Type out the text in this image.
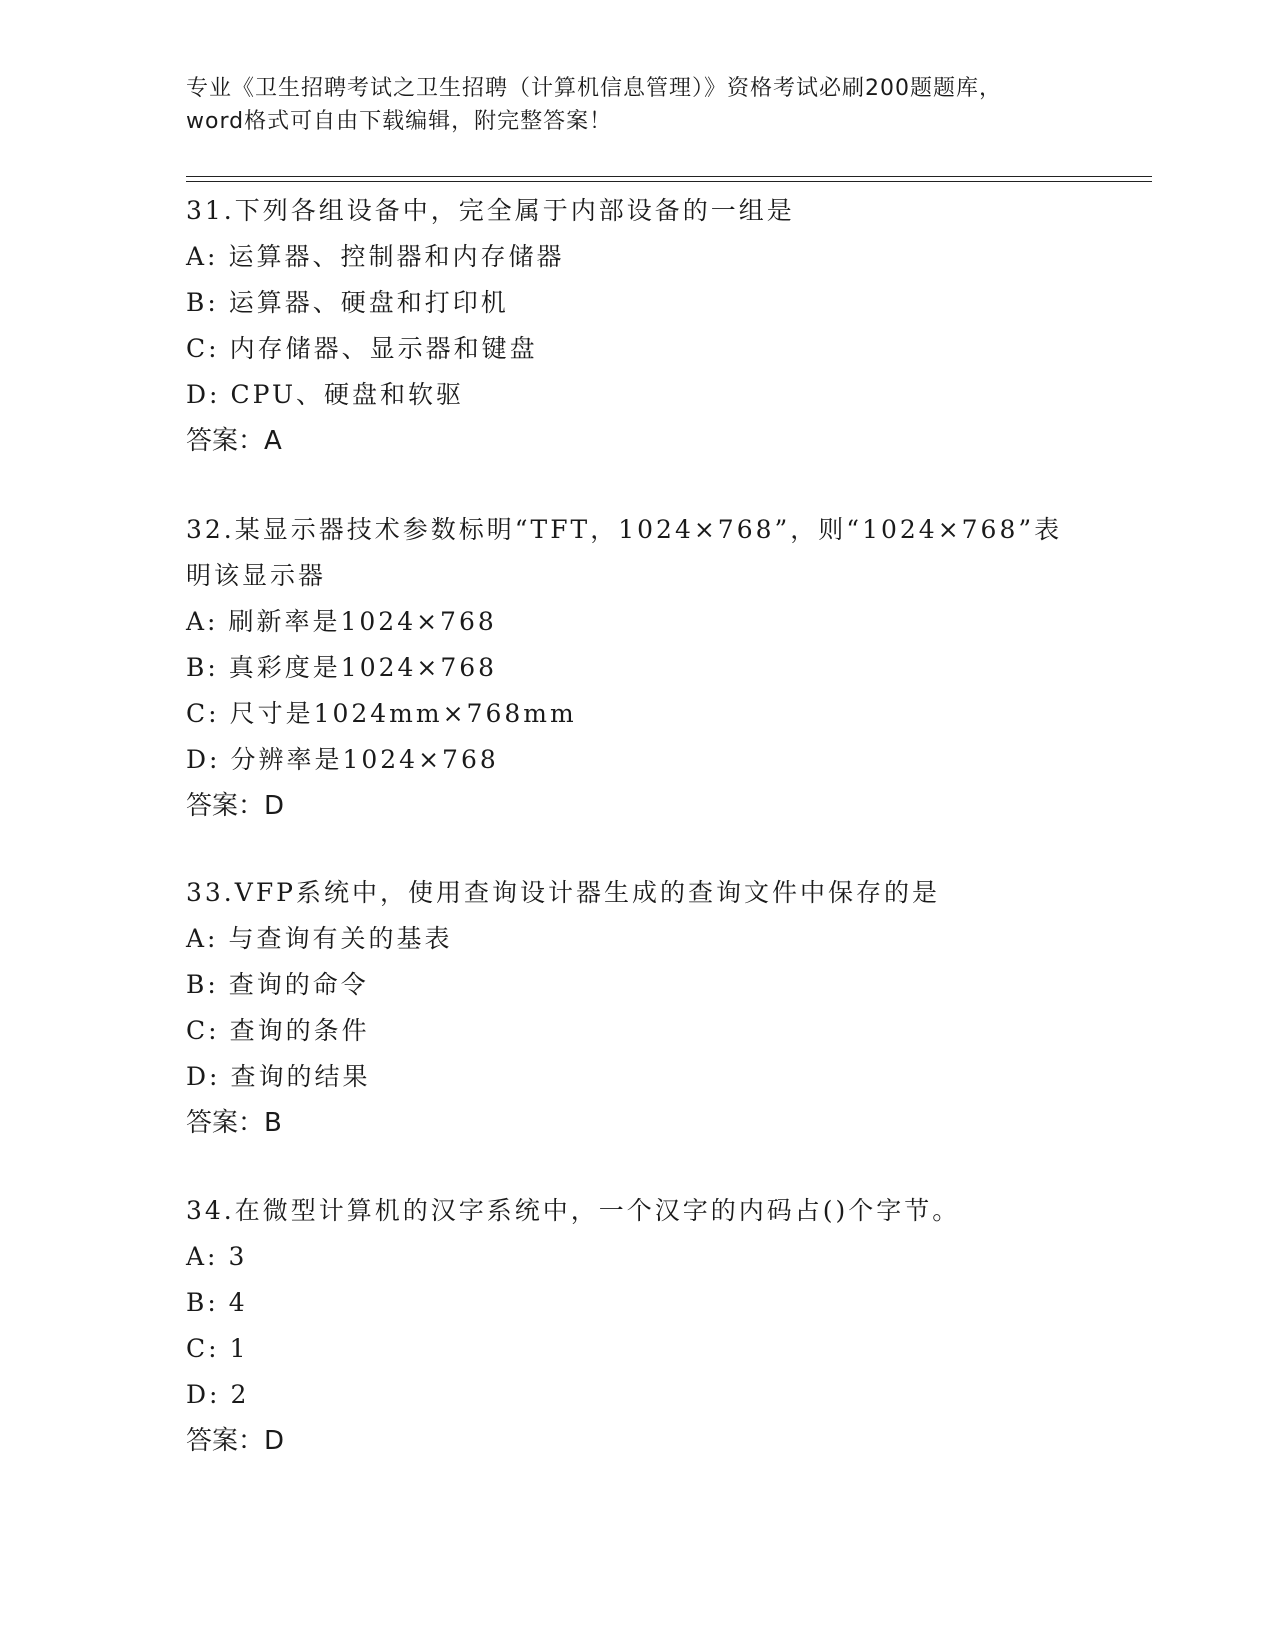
专业《卫生招聘考试之卫生招聘（计算机信息管理）》资格考试必刷200题题库，
word格式可自由下载编辑，附完整答案！
31.下列各组设备中，完全属于内部设备的一组是
A: 运算器、控制器和内存储器
B: 运算器、硬盘和打印机
C: 内存储器、显示器和键盘
D: CPU、硬盘和软驱
答案：A
32.某显示器技术参数标明“TFT，1024×768”，则“1024×768”表
明该显示器
A: 刷新率是1024×768
B: 真彩度是1024×768
C: 尺寸是1024mm×768mm
D: 分辨率是1024×768
答案：D
33.VFP系统中，使用查询设计器生成的查询文件中保存的是
A: 与查询有关的基表
B: 查询的命令
C: 查询的条件
D: 查询的结果
答案：B
34.在微型计算机的汉字系统中，一个汉字的内码占()个字节。
A: 3
B: 4
C: 1
D: 2
答案：D
